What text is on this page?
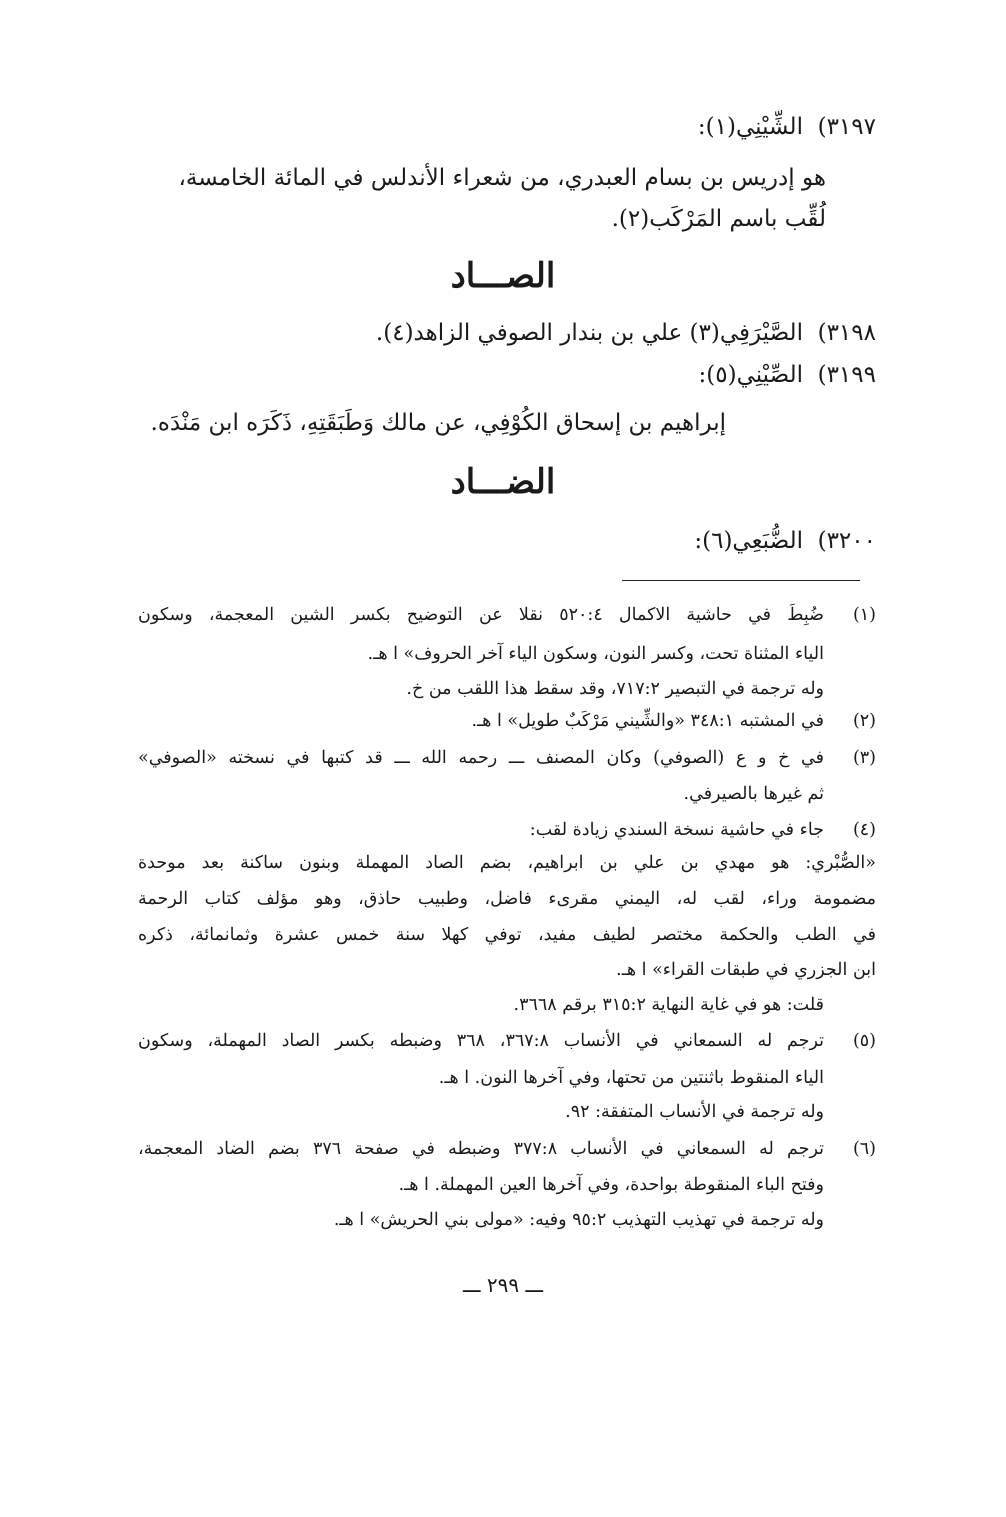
٣١٩٧)  الشِّيْنِي(١):
هو إدريس بن بسام العبدري، من شعراء الأندلس في المائة الخامسة،
لُقِّب باسم المَرْكَب(٢).
الصـــاد
٣١٩٨)  الصَّيْرَفِي(٣) علي بن بندار الصوفي الزاهد(٤).
٣١٩٩)  الصِّيْنِي(٥):
إبراهيم بن إسحاق الكُوْفِي، عن مالك وَطَبَقَتِهِ، ذَكَرَه ابن مَنْدَه.
الضـــاد
٣٢٠٠)  الضُّبَعِي(٦):
(١)
ضُبِطَ في حاشية الاكمال ٥٢٠:٤ نقلا عن التوضيح بكسر الشين المعجمة، وسكون
الياء المثناة تحت، وكسر النون، وسكون الياء آخر الحروف» ا هـ.
وله ترجمة في التبصير ٧١٧:٢، وقد سقط هذا اللقب من خ.
(٢)
في المشتبه ٣٤٨:١ «والشِّيني مَرْكَبٌ طويل» ا هـ.
(٣)
في خ و ع (الصوفي) وكان المصنف ـــ رحمه الله ـــ قد كتبها في نسخته «الصوفي»
ثم غيرها بالصيرفي.
(٤)
جاء في حاشية نسخة السندي زيادة لقب:
«الصُّبْري: هو مهدي بن علي بن ابراهيم، بضم الصاد المهملة وبنون ساكنة بعد موحدة
مضمومة وراء، لقب له، اليمني مقرىء فاضل، وطبيب حاذق، وهو مؤلف كتاب الرحمة
في الطب والحكمة مختصر لطيف مفيد، توفي كهلا سنة خمس عشرة وثمانمائة، ذكره
ابن الجزري في طبقات القراء» ا هـ.
قلت: هو في غاية النهاية ٣١٥:٢ برقم ٣٦٦٨.
(٥)
ترجم له السمعاني في الأنساب ٣٦٧:٨، ٣٦٨ وضبطه بكسر الصاد المهملة، وسكون
الياء المنقوط باثنتين من تحتها، وفي آخرها النون. ا هـ.
وله ترجمة في الأنساب المتفقة: ٩٢.
(٦)
ترجم له السمعاني في الأنساب ٣٧٧:٨ وضبطه في صفحة ٣٧٦ بضم الضاد المعجمة،
وفتح الباء المنقوطة بواحدة، وفي آخرها العين المهملة. ا هـ.
وله ترجمة في تهذيب التهذيب ٩٥:٢ وفيه: «مولى بني الحريش» ا هـ.
ـــ ٢٩٩ ـــ
